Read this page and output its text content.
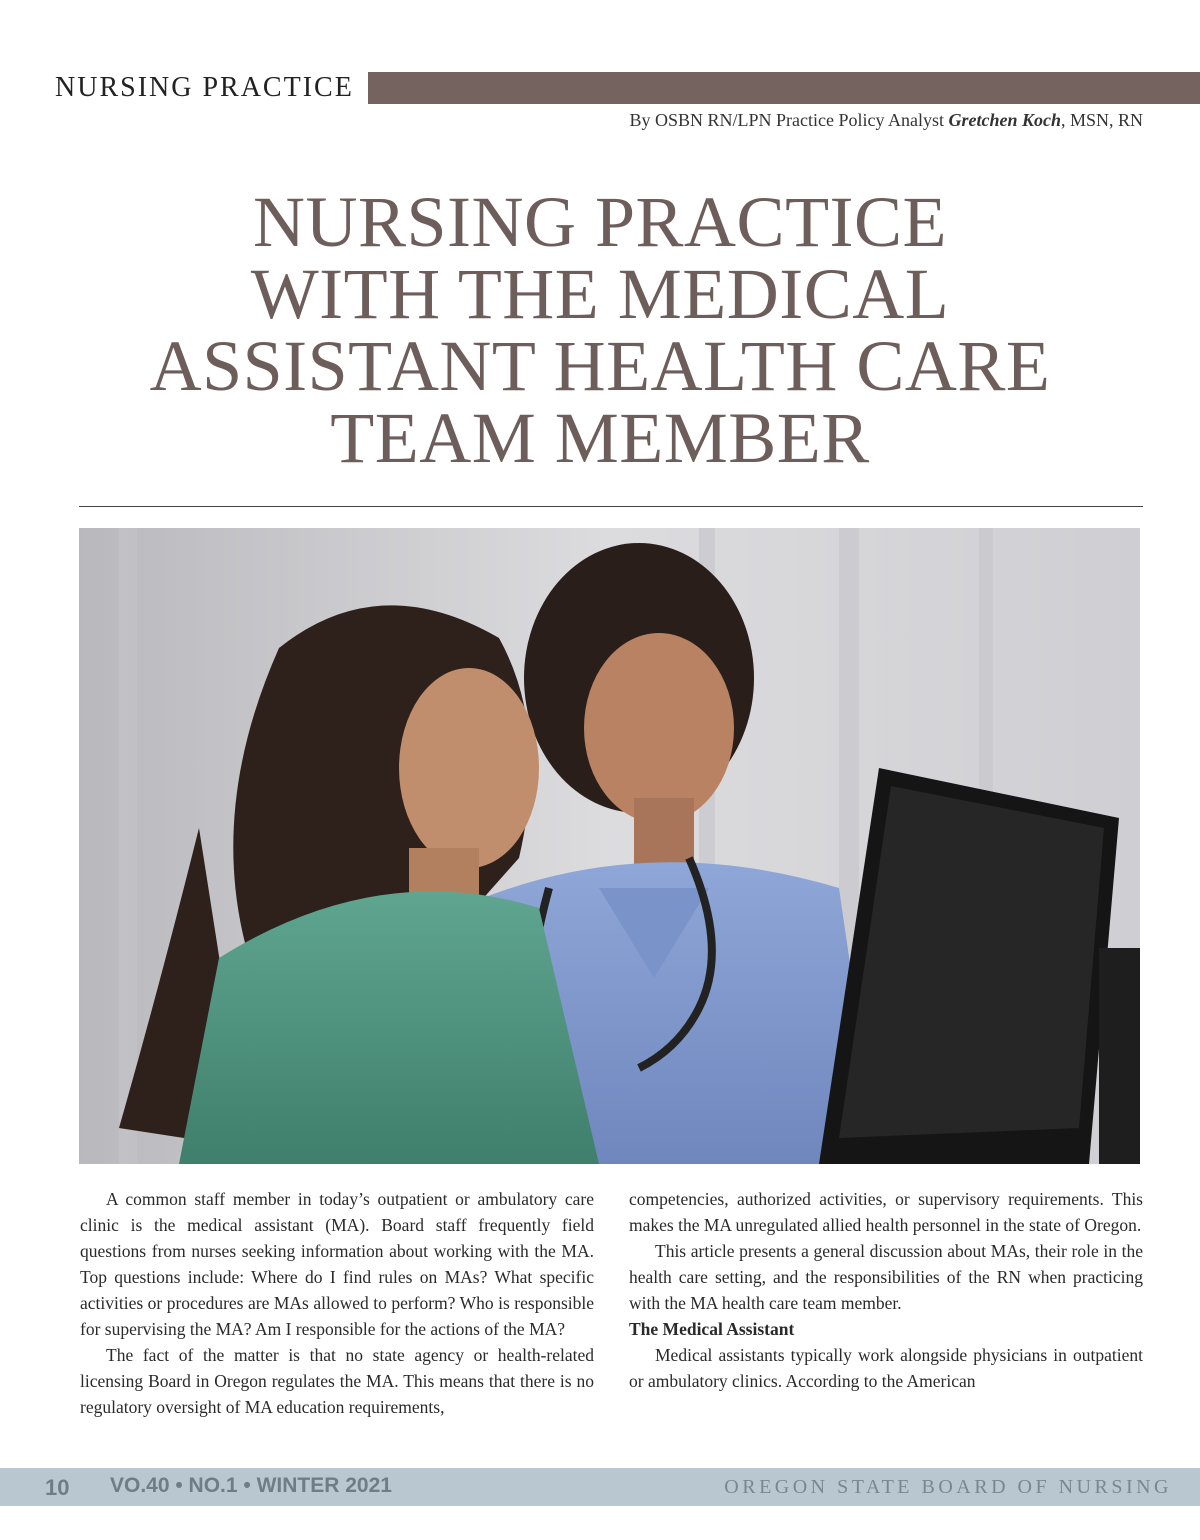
NURSING PRACTICE
By OSBN RN/LPN Practice Policy Analyst Gretchen Koch, MSN, RN
NURSING PRACTICE
WITH THE MEDICAL
ASSISTANT HEALTH CARE
TEAM MEMBER

A common staff member in today’s outpatient or ambulatory care clinic is the medical assistant (MA). Board staff frequently field questions from nurses seeking information about working with the MA. Top questions include: Where do I find rules on MAs? What specific activities or procedures are MAs allowed to perform? Who is responsible for supervising the MA? Am I responsible for the actions of the MA?

The fact of the matter is that no state agency or health-related licensing Board in Oregon regulates the MA. This means that there is no regulatory oversight of MA education requirements,

competencies, authorized activities, or supervisory requirements. This makes the MA unregulated allied health personnel in the state of Oregon.

This article presents a general discussion about MAs, their role in the health care setting, and the responsibilities of the RN when practicing with the MA health care team member.

The Medical Assistant

Medical assistants typically work alongside physicians in outpatient or ambulatory clinics. According to the American

10 VO.40 • NO.1 • WINTER 2021	OREGON STATE BOARD OF NURSING
